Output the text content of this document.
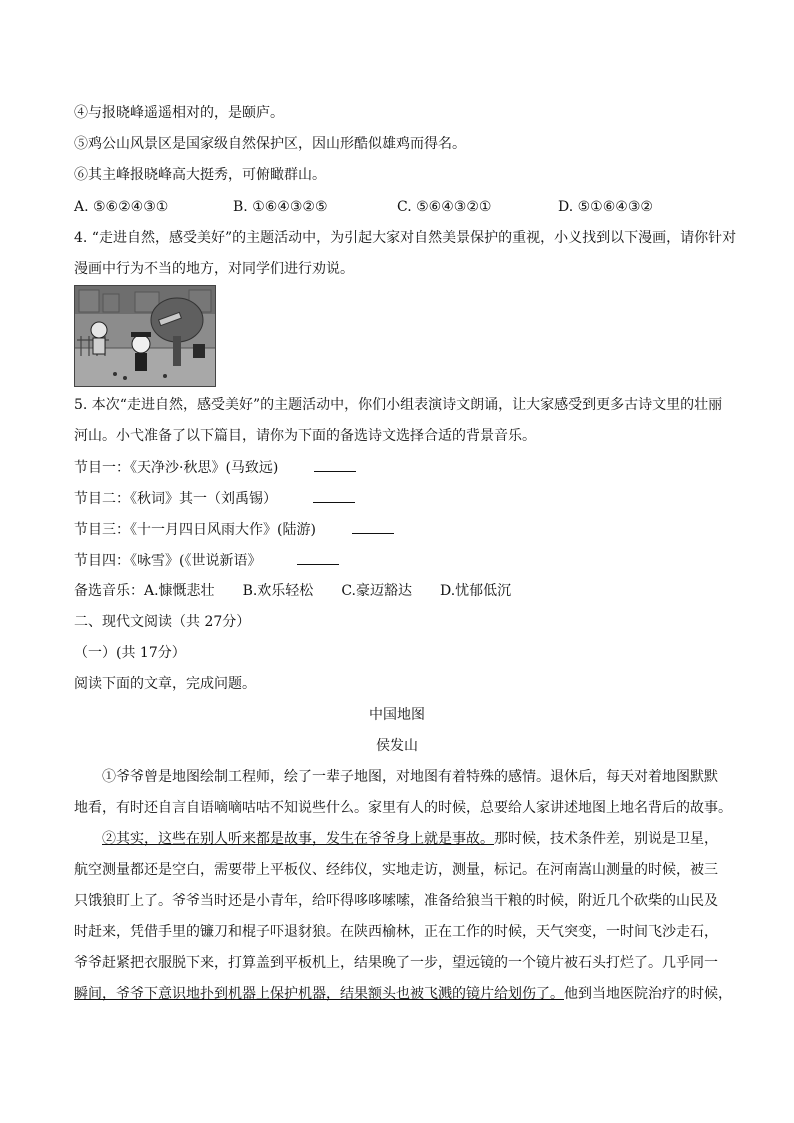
④与报晓峰遥遥相对的，是颐庐。
⑤鸡公山风景区是国家级自然保护区，因山形酷似雄鸡而得名。
⑥其主峰报晓峰高大挺秀，可俯瞰群山。
A. ⑤⑥②④③①	B. ①⑥④③②⑤	C. ⑤⑥④③②①	D. ⑤①⑥④③②
4. “走进自然，感受美好”的主题活动中，为引起大家对自然美景保护的重视，小义找到以下漫画，请你针对
漫画中行为不当的地方，对同学们进行劝说。
5. 本次“走进自然，感受美好”的主题活动中，你们小组表演诗文朗诵，让大家感受到更多古诗文里的壮丽
河山。小弋准备了以下篇目，请你为下面的备选诗文选择合适的背景音乐。
节目一：《天净沙·秋思》(马致远)
节目二：《秋词》其一（刘禹锡）
节目三：《十一月四日风雨大作》(陆游)
节目四：《咏雪》(《世说新语》
备选音乐：A.慷慨悲壮 B.欢乐轻松 C.豪迈豁达 D.忧郁低沉
二、现代文阅读（共 27分）
（一）(共 17分）
阅读下面的文章，完成问题。
中国地图
侯发山
①爷爷曾是地图绘制工程师，绘了一辈子地图，对地图有着特殊的感情。退休后，每天对着地图默默
地看，有时还自言自语嘀嘀咕咕不知说些什么。家里有人的时候，总要给人家讲述地图上地名背后的故事。
②其实，这些在别人听来都是故事，发生在爷爷身上就是事故。那时候，技术条件差，别说是卫星，
航空测量都还是空白，需要带上平板仪、经纬仪，实地走访，测量，标记。在河南嵩山测量的时候，被三
只饿狼盯上了。爷爷当时还是小青年，给吓得哆哆嗦嗦，准备给狼当干粮的时候，附近几个砍柴的山民及
时赶来，凭借手里的镰刀和棍子吓退豺狼。在陕西榆林，正在工作的时候，天气突变，一时间飞沙走石，
爷爷赶紧把衣服脱下来，打算盖到平板机上，结果晚了一步，望远镜的一个镜片被石头打烂了。几乎同一
瞬间，爷爷下意识地扑到机器上保护机器，结果额头也被飞溅的镜片给划伤了。他到当地医院治疗的时候，
